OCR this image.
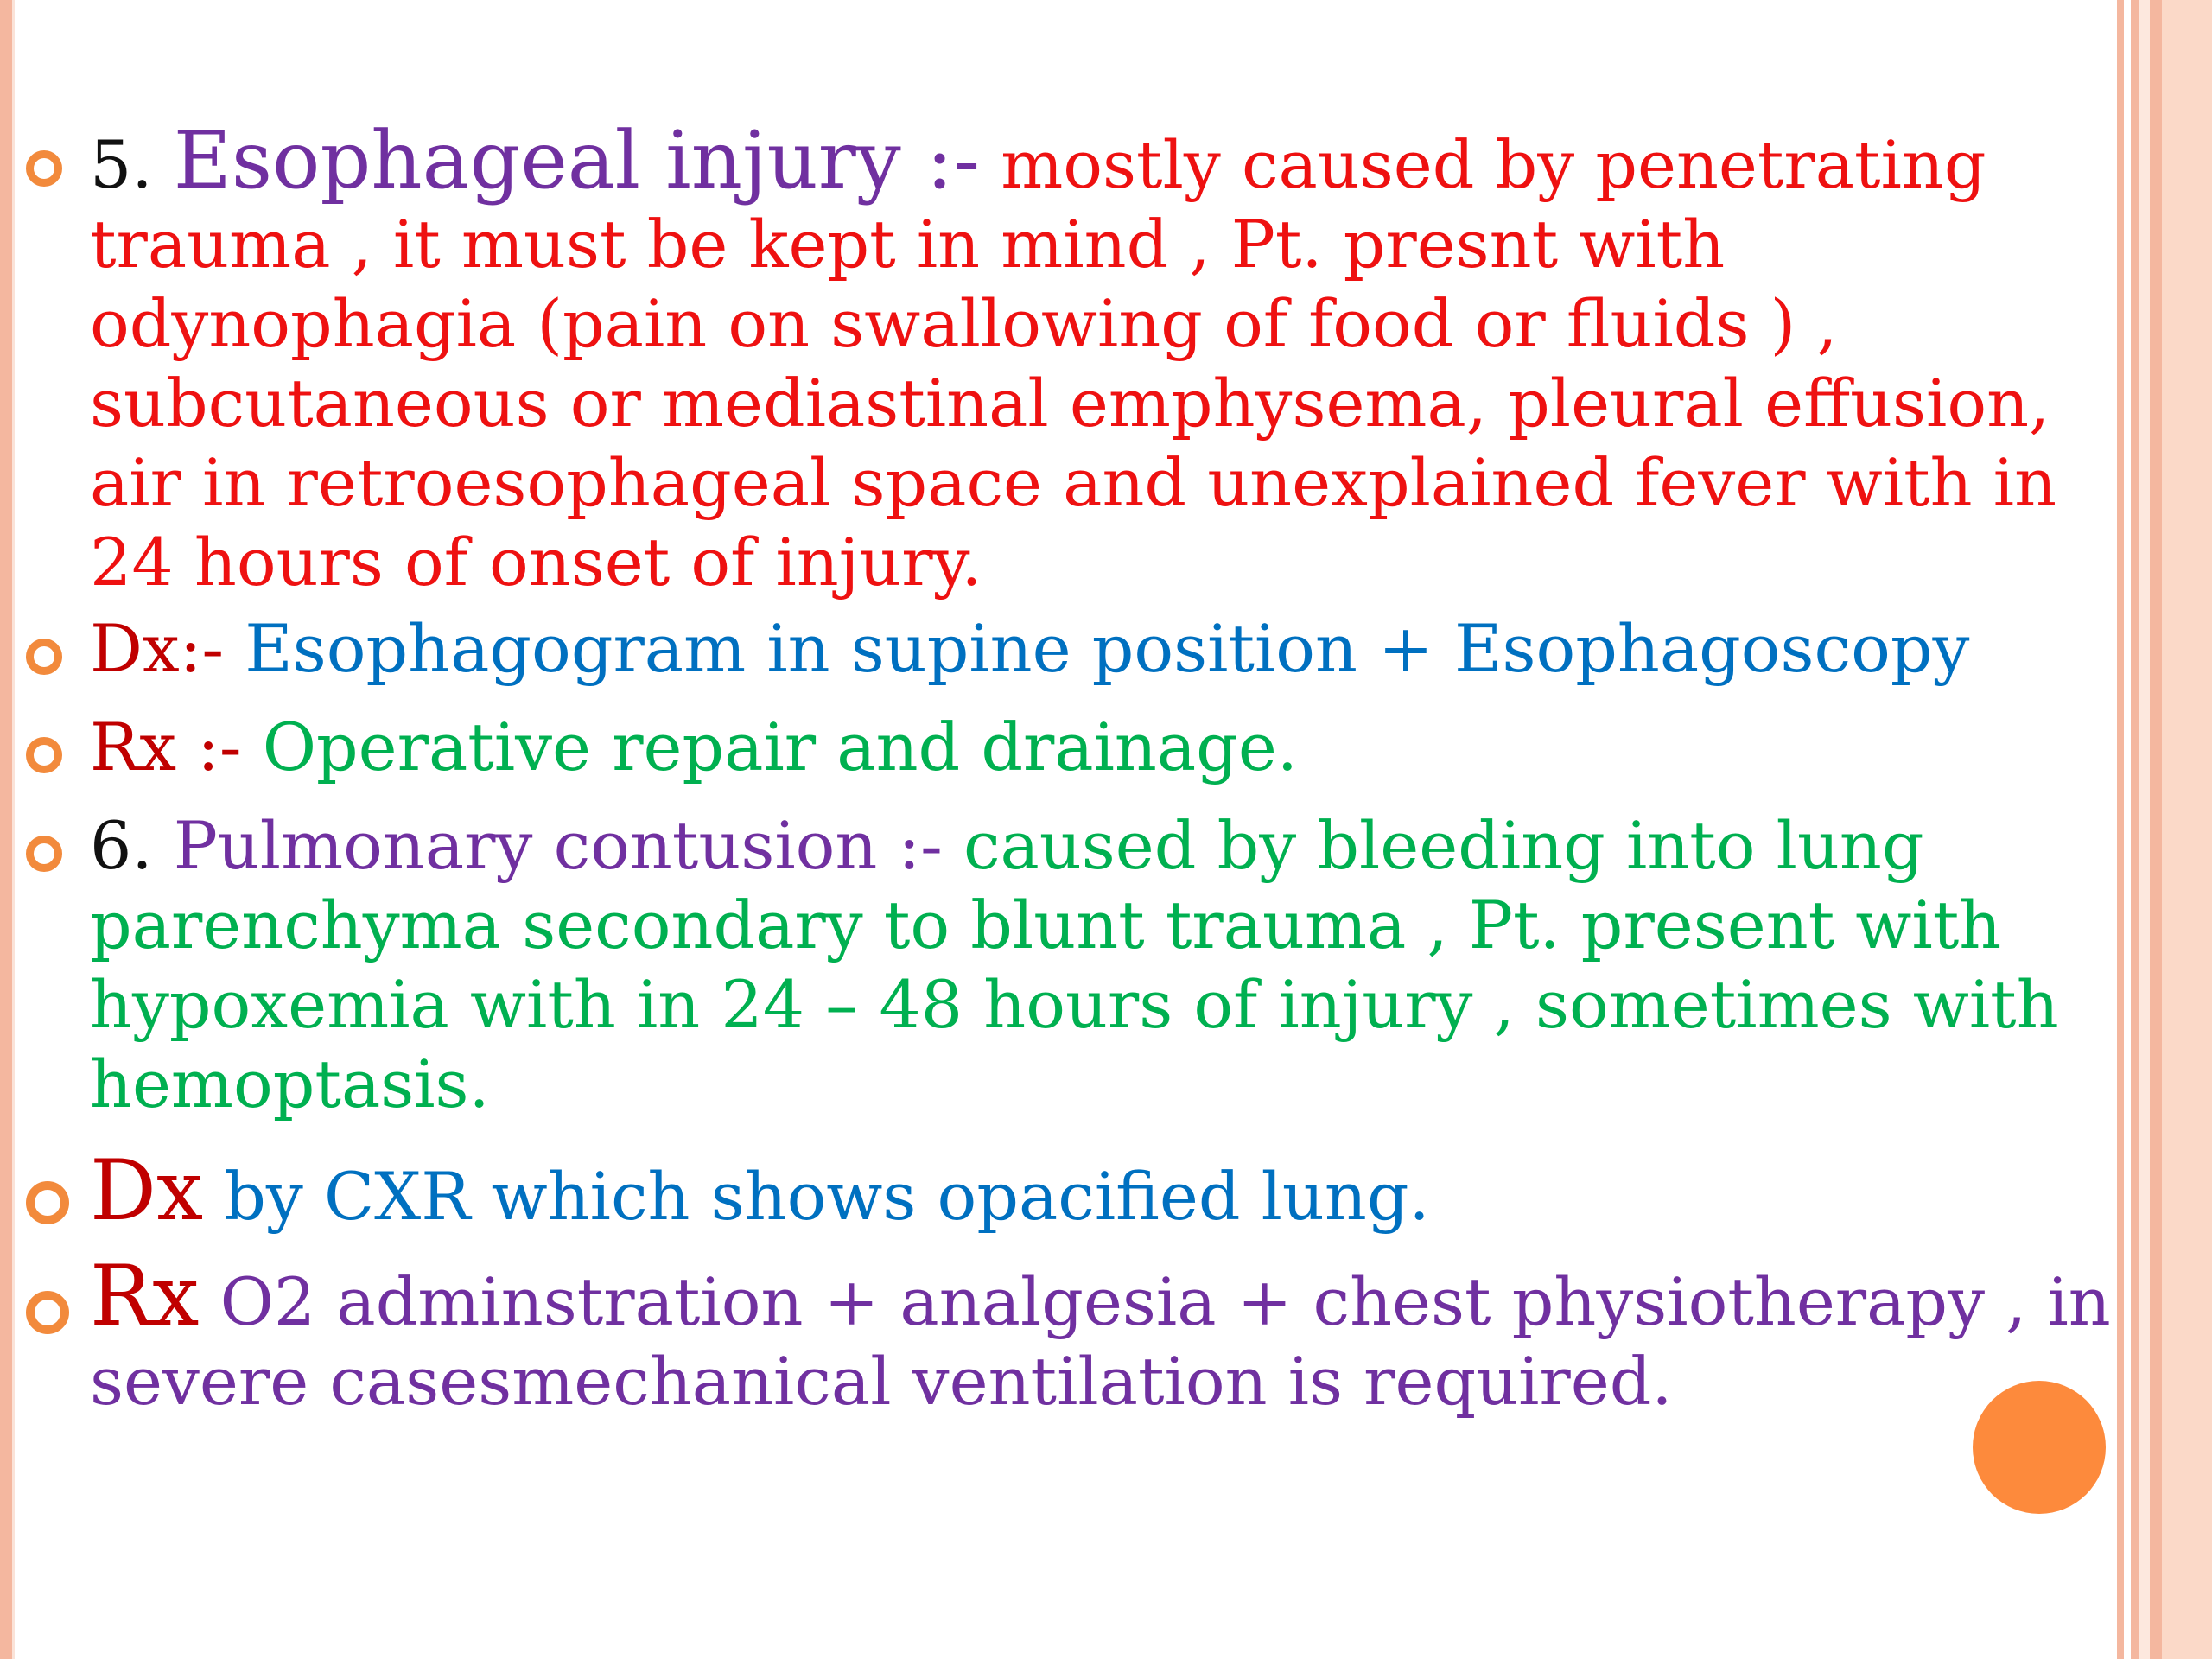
5. Esophageal injury :- mostly caused by penetrating trauma , it must be kept in mind , Pt. presnt with odynophagia (pain on swallowing of food or fluids ) , subcutaneous or mediastinal emphysema, pleural effusion, air in retroesophageal space and unexplained fever with in 24 hours of onset of injury.
Dx:- Esophagogram in supine position + Esophagoscopy
Rx :- Operative repair and drainage.
6. Pulmonary contusion :- caused by bleeding into lung parenchyma secondary to blunt trauma , Pt. present with hypoxemia with in 24 – 48 hours of injury , sometimes with hemoptasis.
Dx by CXR which shows opacified lung.
Rx O2 adminstration + analgesia + chest physiotherapy , in severe casesmechanical ventilation is required.
